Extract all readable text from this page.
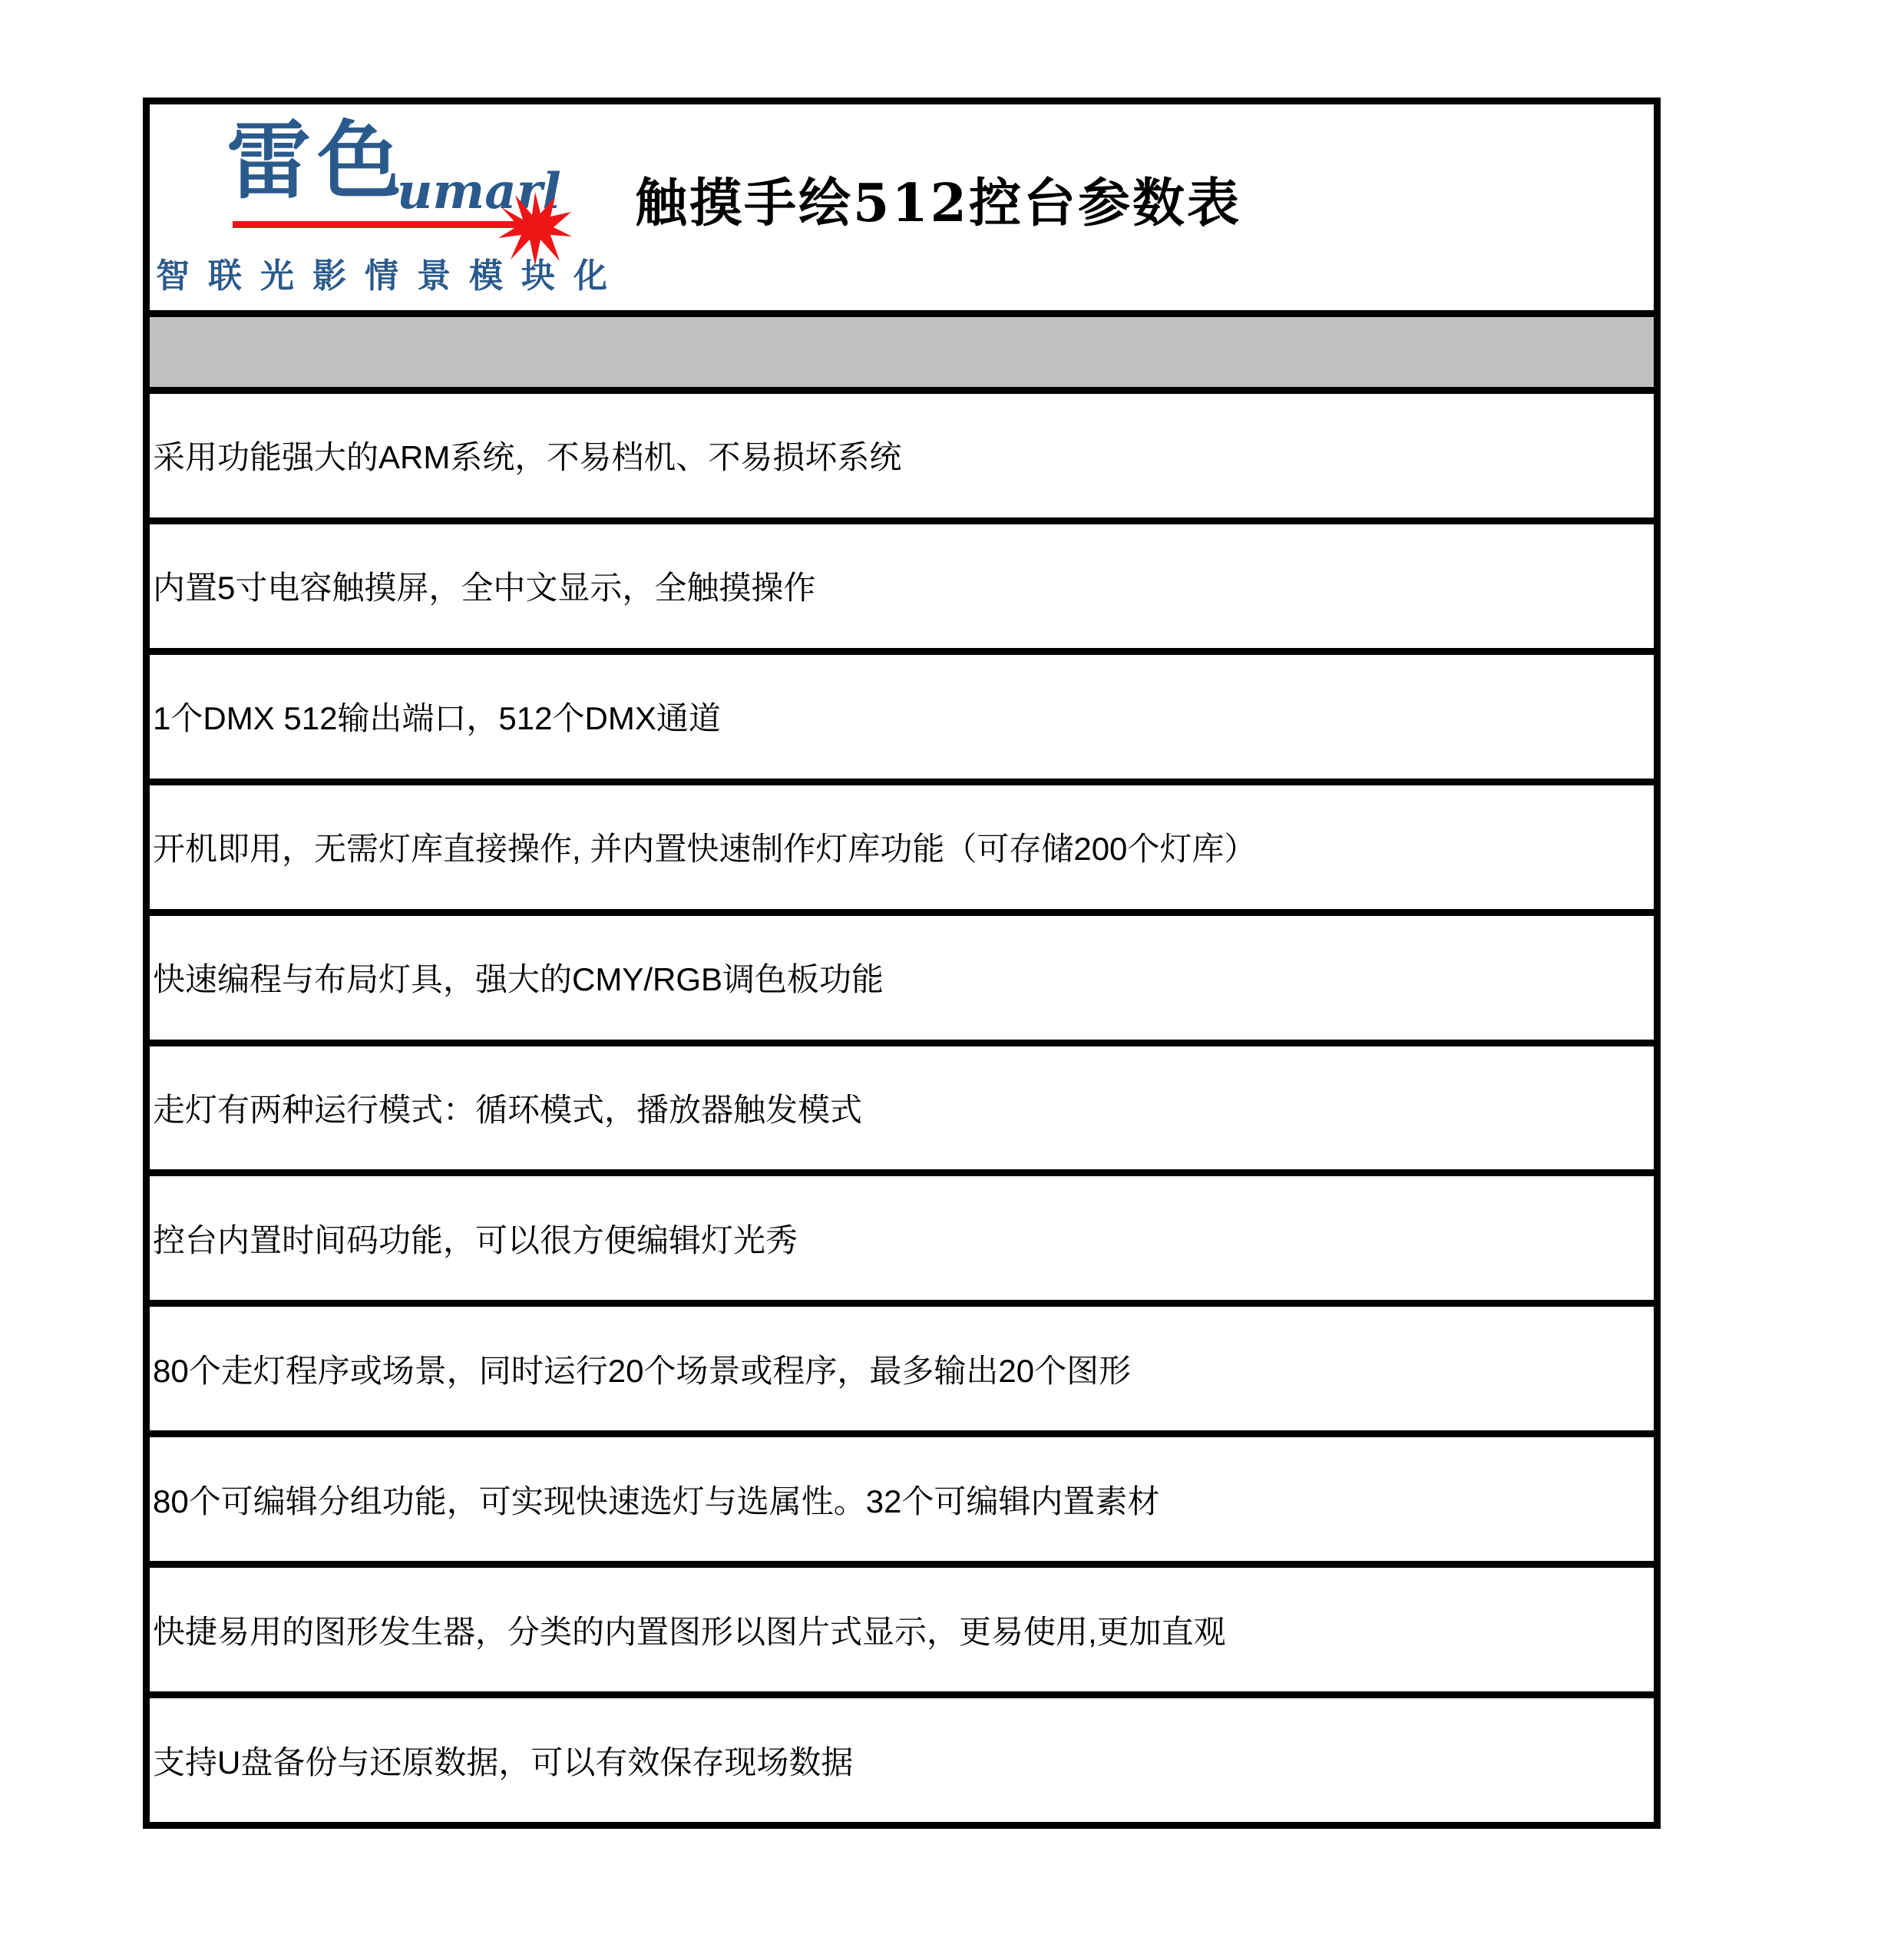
雷色
umarl 触摸手绘512控台参数表
智联光影情景模块化
采用功能强大的ARM系统，不易档机、不易损坏系统
内置5寸电容触摸屏，全中文显示，全触摸操作
1个DMX 512输出端口，512个DMX通道
开机即用，无需灯库直接操作, 并内置快速制作灯库功能（可存储200个灯库）
快速编程与布局灯具，强大的CMY/RGB调色板功能
走灯有两种运行模式：循环模式，播放器触发模式
控台内置时间码功能，可以很方便编辑灯光秀
80个走灯程序或场景，同时运行20个场景或程序，最多输出20个图形
80个可编辑分组功能，可实现快速选灯与选属性。32个可编辑内置素材
快捷易用的图形发生器，分类的内置图形以图片式显示，更易使用,更加直观
支持U盘备份与还原数据，可以有效保存现场数据
